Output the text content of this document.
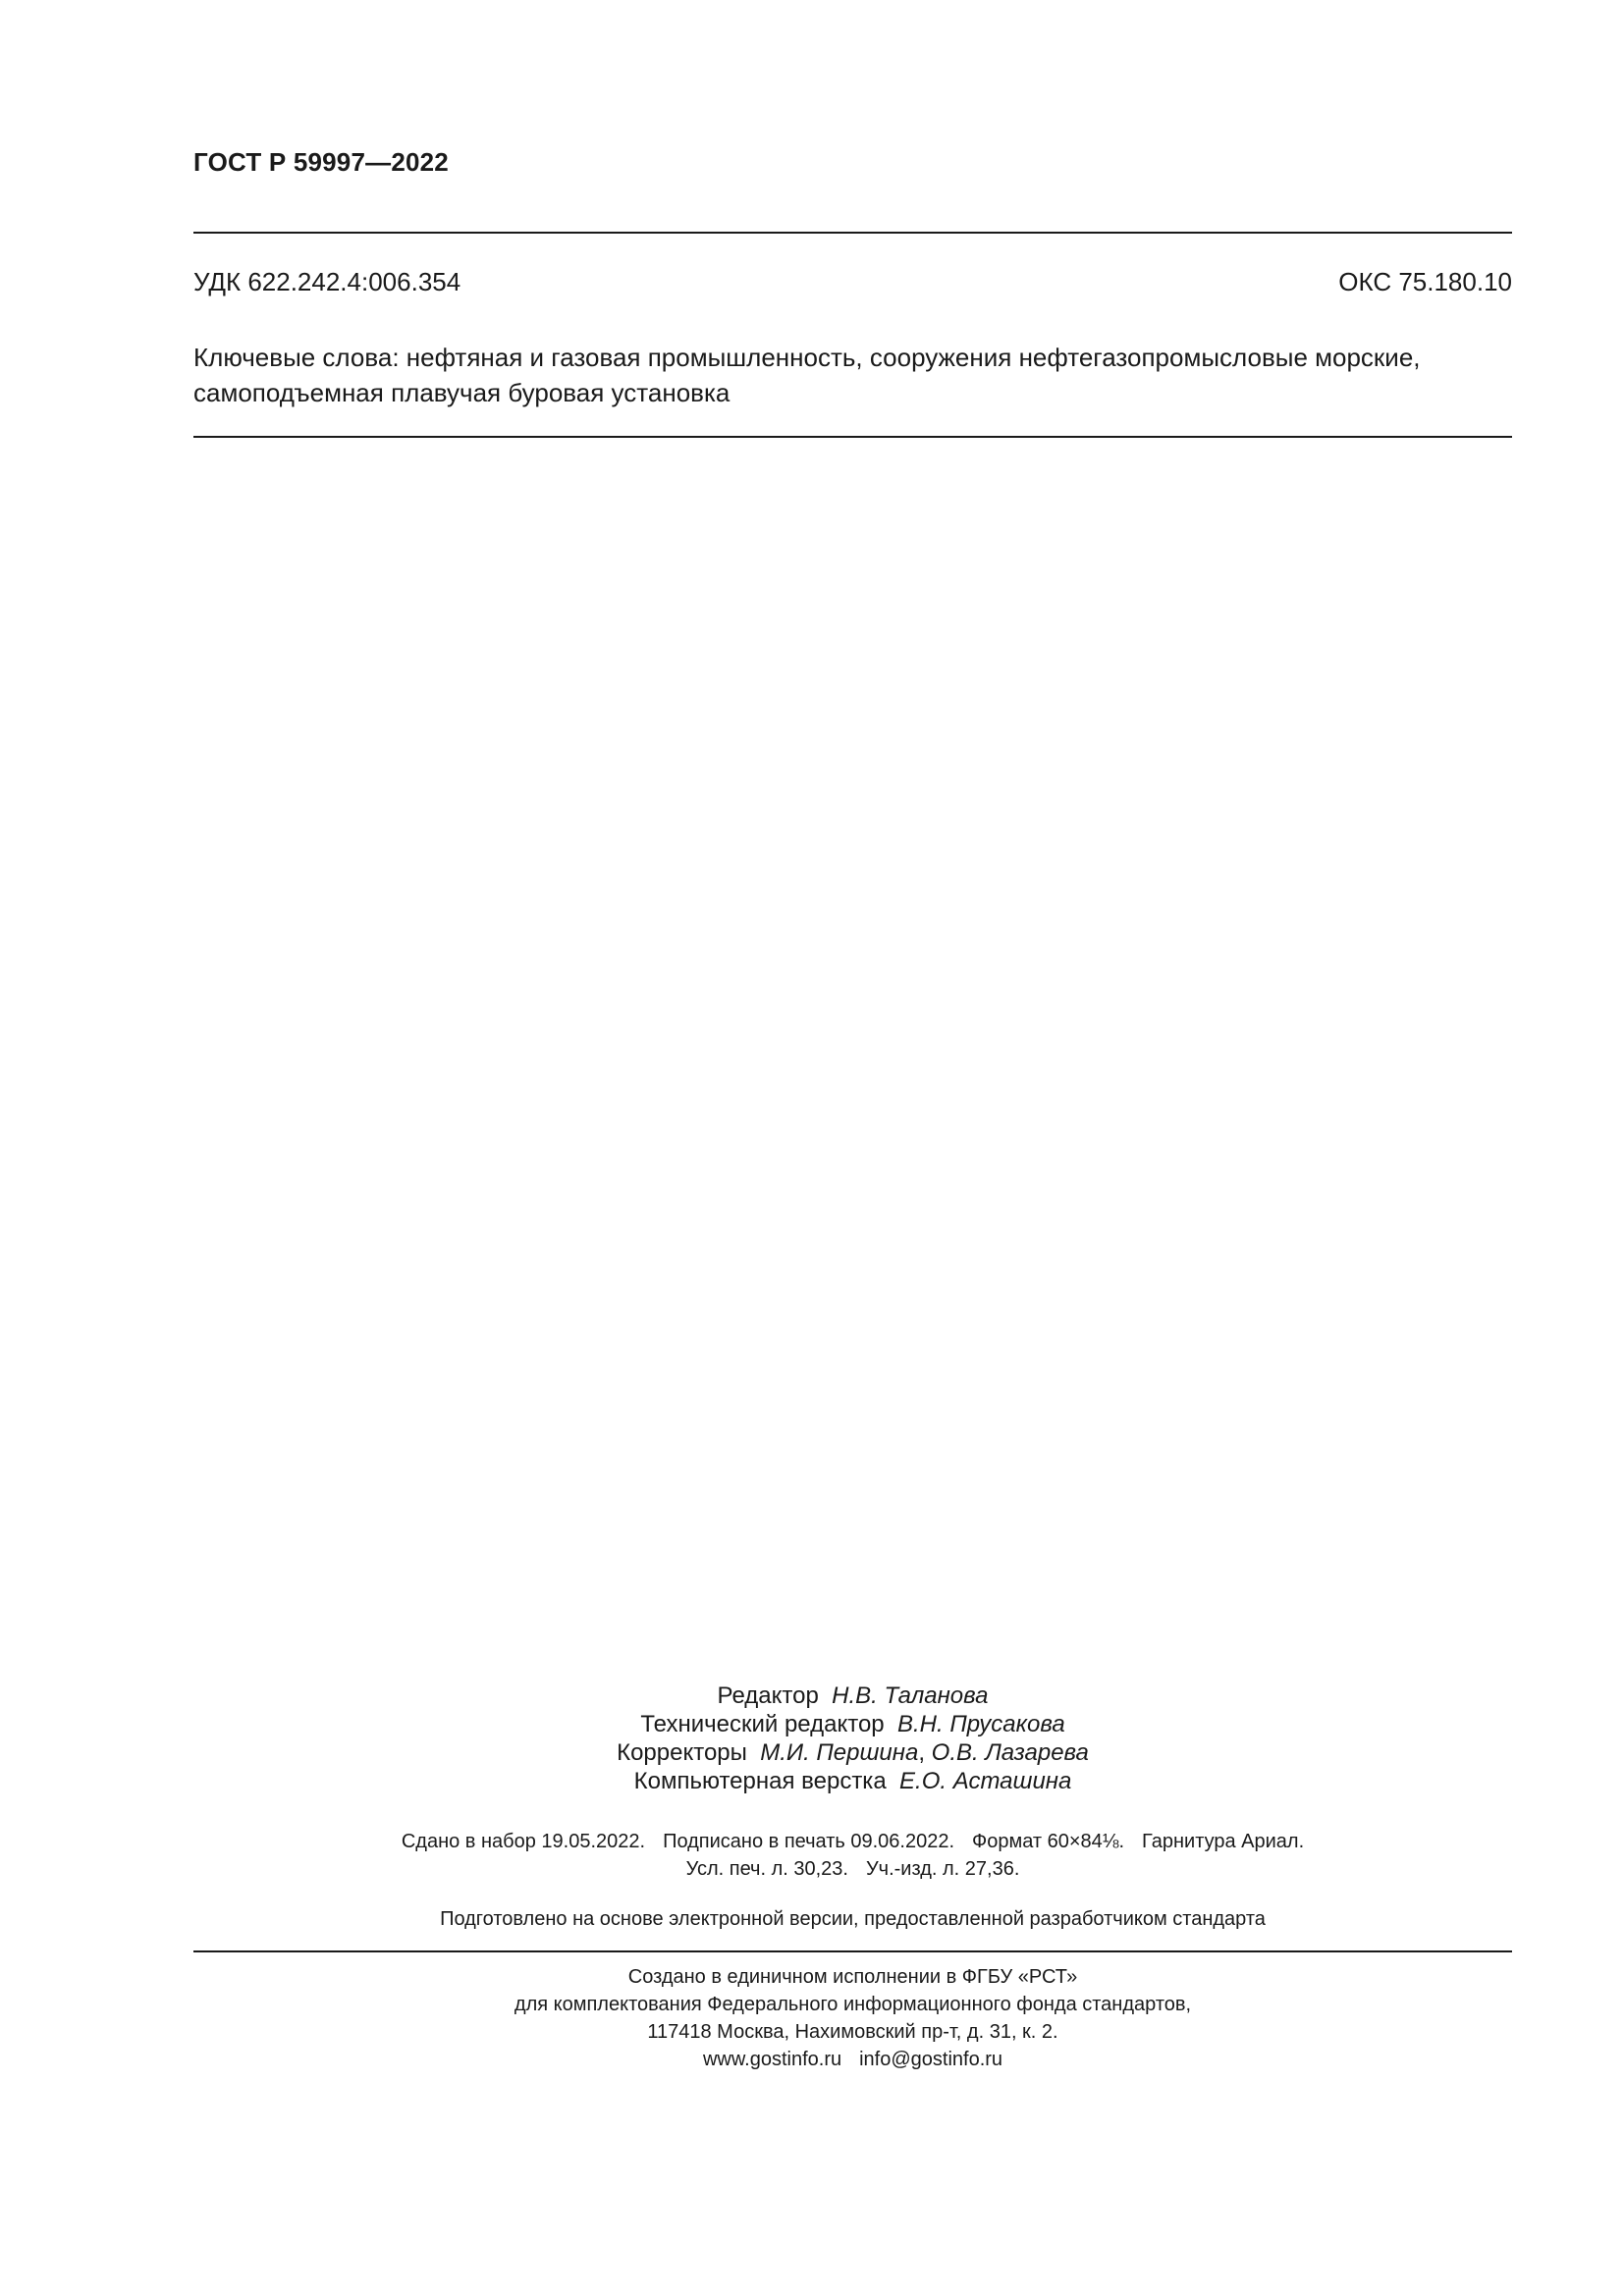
ГОСТ Р 59997—2022
УДК 622.242.4:006.354	ОКС 75.180.10
Ключевые слова: нефтяная и газовая промышленность, сооружения нефтегазопромысловые морские,
самоподъемная плавучая буровая установка
Редактор Н.В. Таланова
Технический редактор В.Н. Прусакова
Корректоры М.И. Першина, О.В. Лазарева
Компьютерная верстка Е.О. Асташина
Сдано в набор 19.05.2022. Подписано в печать 09.06.2022. Формат 60×84⅛. Гарнитура Ариал.
Усл. печ. л. 30,23. Уч.-изд. л. 27,36.
Подготовлено на основе электронной версии, предоставленной разработчиком стандарта
Создано в единичном исполнении в ФГБУ «РСТ»
для комплектования Федерального информационного фонда стандартов,
117418 Москва, Нахимовский пр-т, д. 31, к. 2.
www.gostinfo.ru info@gostinfo.ru
